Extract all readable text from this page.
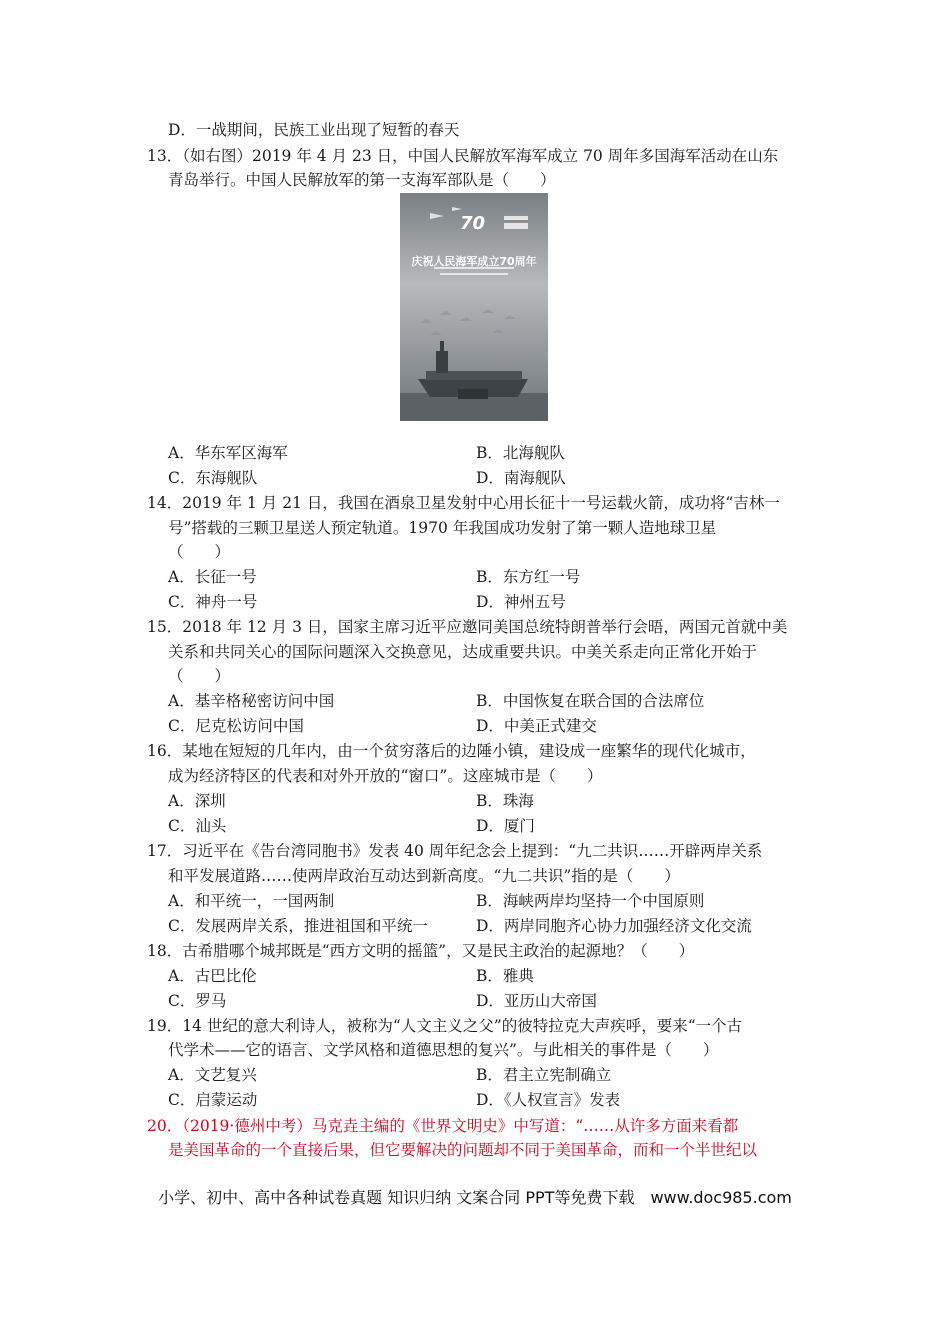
70
庆祝人民海军成立70周年
D．一战期间，民族工业出现了短暂的春天
13．（如右图）2019 年 4 月 23 日，中国人民解放军海军成立 70 周年多国海军活动在山东
青岛举行。中国人民解放军的第一支海军部队是（　　）
14．2019 年 1 月 21 日，我国在酒泉卫星发射中心用长征十一号运载火箭，成功将“吉林一
号”搭载的三颗卫星送人预定轨道。1970 年我国成功发射了第一颗人造地球卫星
（　　）
15．2018 年 12 月 3 日，国家主席习近平应邀同美国总统特朗普举行会晤，两国元首就中美
关系和共同关心的国际问题深入交换意见，达成重要共识。中美关系走向正常化开始于
（　　）
16．某地在短短的几年内，由一个贫穷落后的边陲小镇，建设成一座繁华的现代化城市，
成为经济特区的代表和对外开放的“窗口”。这座城市是（　　）
17．习近平在《告台湾同胞书》发表 40 周年纪念会上提到：“九二共识……开辟两岸关系
和平发展道路……使两岸政治互动达到新高度。“九二共识”指的是（　　）
18．古希腊哪个城邦既是“西方文明的摇篮”，又是民主政治的起源地？（　　）
19．14 世纪的意大利诗人，被称为“人文主义之父”的彼特拉克大声疾呼，要来“一个古
代学术——它的语言、文学风格和道德思想的复兴”。与此相关的事件是（　　）
20．（2019·德州中考）马克垚主编的《世界文明史》中写道：“……从许多方面来看都
是美国革命的一个直接后果，但它要解决的问题却不同于美国革命，而和一个半世纪以
A．华东军区海军	B．北海舰队
C．东海舰队	D．南海舰队
A．长征一号	B．东方红一号
C．神舟一号	D．神州五号
A．基辛格秘密访问中国	B．中国恢复在联合国的合法席位
C．尼克松访问中国	D．中美正式建交
A．深圳	B．珠海
C．汕头	D．厦门
A．和平统一，一国两制	B．海峡两岸均坚持一个中国原则
C．发展两岸关系，推进祖国和平统一	D．两岸同胞齐心协力加强经济文化交流
A．古巴比伦	B．雅典
C．罗马	D．亚历山大帝国
A．文艺复兴	B．君主立宪制确立
C．启蒙运动	D．《人权宣言》发表
小学、初中、高中各种试卷真题 知识归纳 文案合同 PPT等免费下载　www.doc985.com
